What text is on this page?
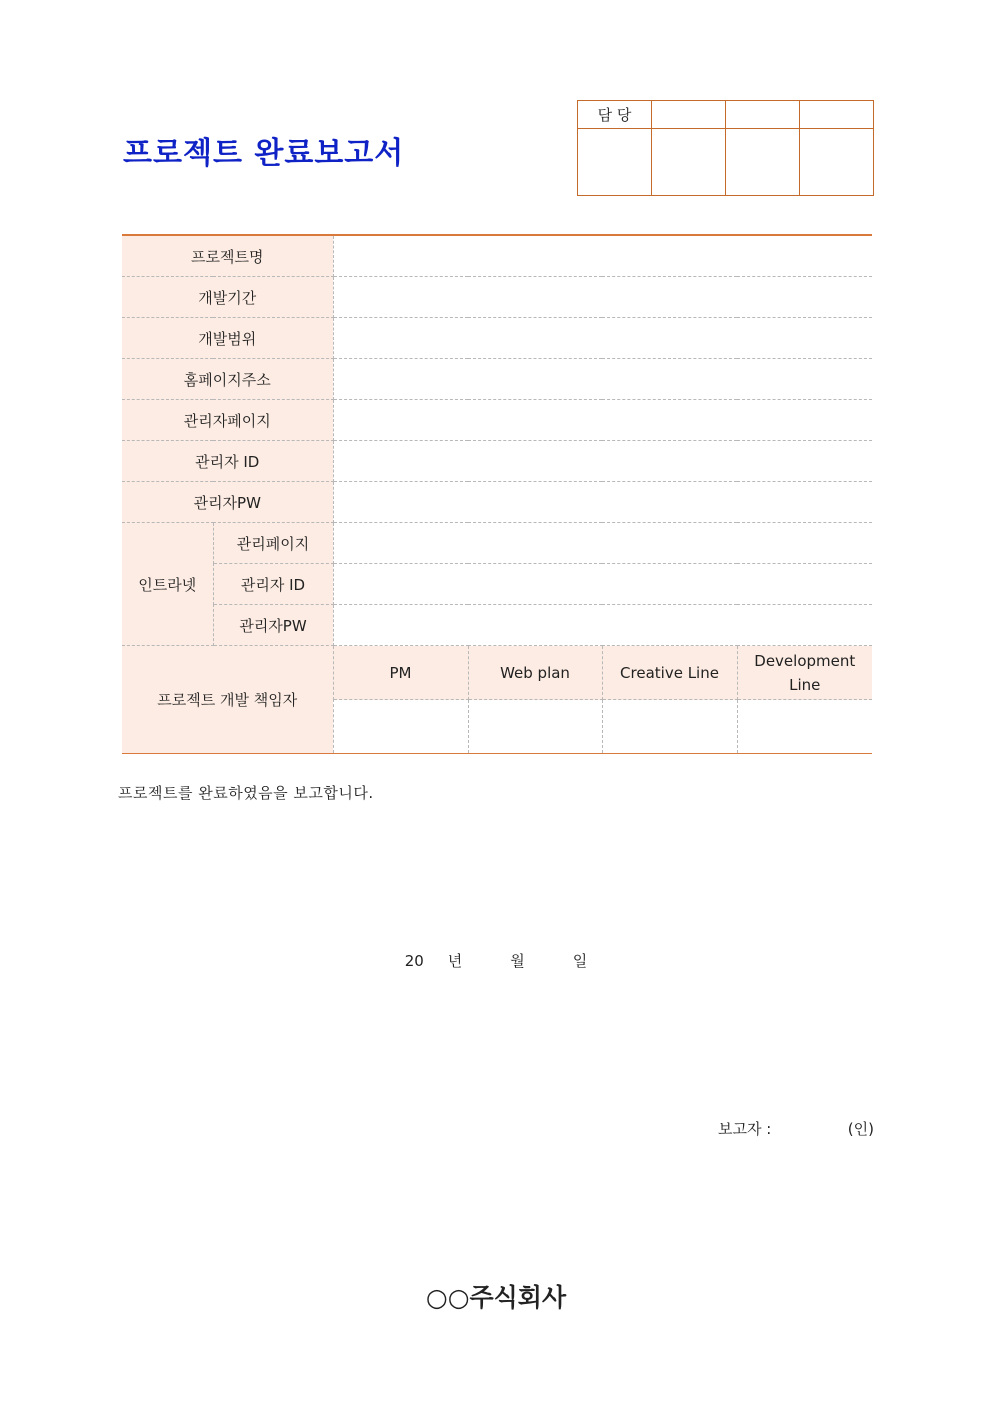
프로젝트 완료보고서
담 당			

프로젝트명					
개발기간					
개발범위					
홈페이지주소					
관리자페이지					
관리자 ID					
관리자PW					
인트라넷	관리페이지				
	관리자 ID				
	관리자PW				
프로젝트 개발 책임자		PM	Web plan	Creative Line	Development Line

프로젝트를 완료하였음을 보고합니다.
20 년	월	일
보고자 :	(인)
○○주식회사
